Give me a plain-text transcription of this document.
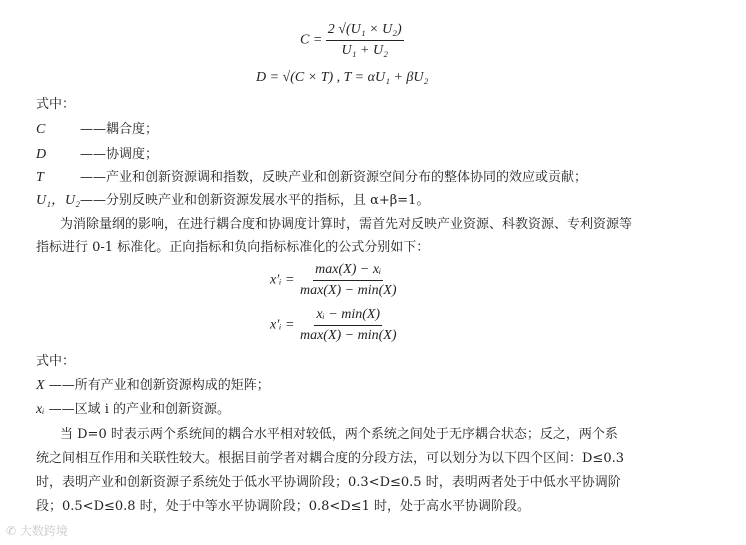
$C = \frac{\text{2 √(U₁ × U₂)}}{\text{U₁ + U₂}}$
D = √(C × T) , T = αU₁ + βU₂
式中：
C	——耦合度；
D	——协调度；
T	——产业和创新资源调和指数，反映产业和创新资源空间分布的整体协同的效应或贡献；
U₁，U₂——分别反映产业和创新资源发展水平的指标，且 α+β=1。
为消除量纲的影响，在进行耦合度和协调度计算时，需首先对反映产业资源、科教资源、专利资源等
指标进行 0-1 标准化。正向指标和负向指标标准化的公式分别如下：
x′ᵢ = $\frac{\text{max(X) − xᵢ}}{\max(X) - \min(X)}$
x′ᵢ = $\frac{\text{xᵢ − min(X)}}{\max(X) - \min(X)}$
式中：
X ——所有产业和创新资源构成的矩阵；
xᵢ ——区域 i 的产业和创新资源。
当 D=0 时表示两个系统间的耦合水平相对较低，两个系统之间处于无序耦合状态；反之，两个系
统之间相互作用和关联性较大。根据目前学者对耦合度的分段方法，可以划分为以下四个区间：D≤0.3
时，表明产业和创新资源子系统处于低水平协调阶段；0.3<D≤0.5 时，表明两者处于中低水平协调阶
段；0.5<D≤0.8 时，处于中等水平协调阶段；0.8<D≤1 时，处于高水平协调阶段。
✆ 大数跨境
